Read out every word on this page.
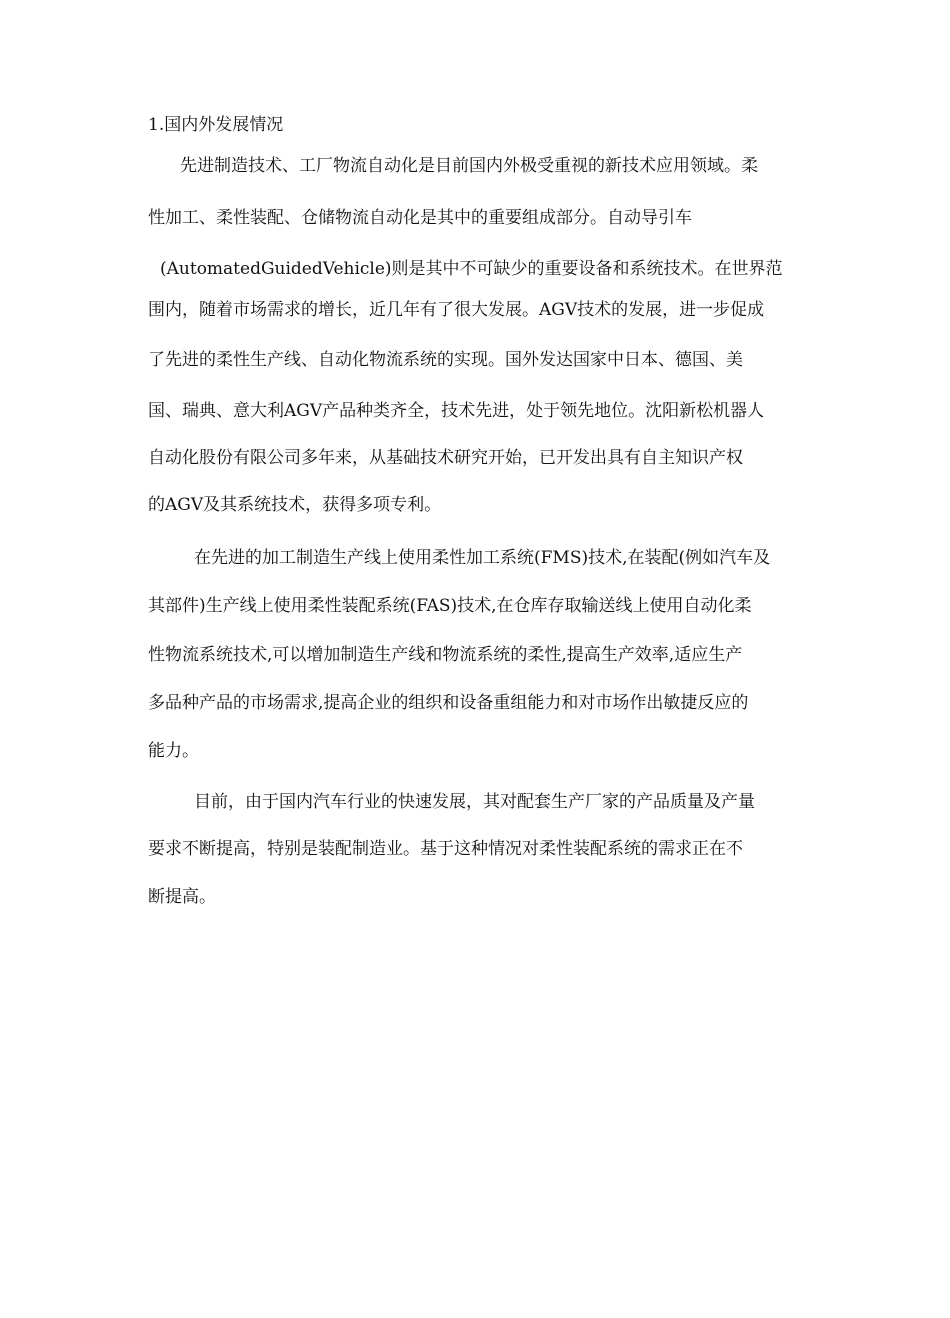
1.国内外发展情况
先进制造技术、工厂物流自动化是目前国内外极受重视的新技术应用领域。柔
性加工、柔性装配、仓储物流自动化是其中的重要组成部分。自动导引车
(AutomatedGuidedVehicle)则是其中不可缺少的重要设备和系统技术。在世界范
围内，随着市场需求的增长，近几年有了很大发展。AGV技术的发展，进一步促成
了先进的柔性生产线、自动化物流系统的实现。国外发达国家中日本、德国、美
国、瑞典、意大利AGV产品种类齐全，技术先进，处于领先地位。沈阳新松机器人
自动化股份有限公司多年来，从基础技术研究开始，已开发出具有自主知识产权
的AGV及其系统技术，获得多项专利。
在先进的加工制造生产线上使用柔性加工系统(FMS)技术,在装配(例如汽车及
其部件)生产线上使用柔性装配系统(FAS)技术,在仓库存取输送线上使用自动化柔
性物流系统技术,可以增加制造生产线和物流系统的柔性,提高生产效率,适应生产
多品种产品的市场需求,提高企业的组织和设备重组能力和对市场作出敏捷反应的
能力。
目前，由于国内汽车行业的快速发展，其对配套生产厂家的产品质量及产量
要求不断提高，特别是装配制造业。基于这种情况对柔性装配系统的需求正在不
断提高。
